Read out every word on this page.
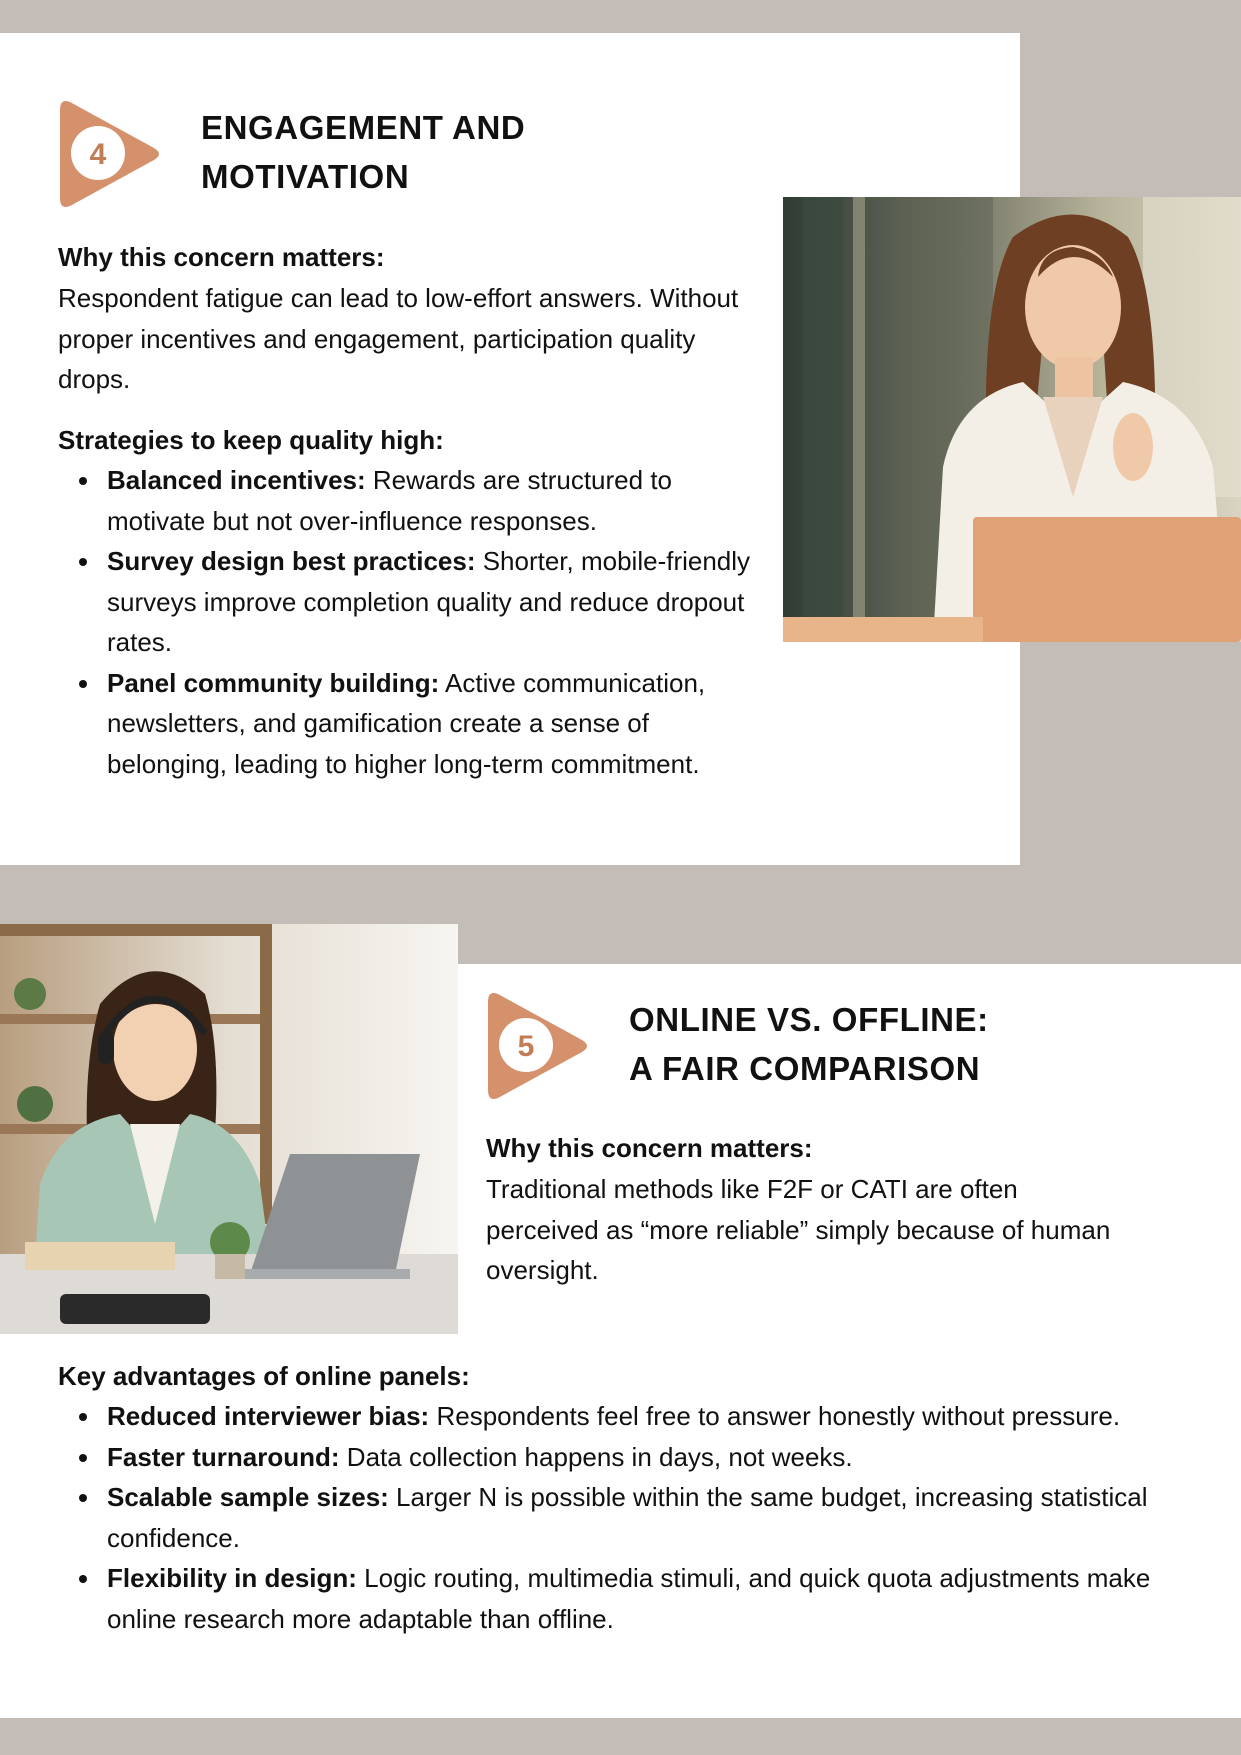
4
ENGAGEMENT AND
MOTIVATION

Why this concern matters:

Respondent fatigue can lead to low-effort answers. Without proper incentives and engagement, participation quality drops.

Strategies to keep quality high:

Balanced incentives: Rewards are structured to motivate but not over-influence responses.
Survey design best practices: Shorter, mobile-friendly surveys improve completion quality and reduce dropout rates.
Panel community building: Active communication, newsletters, and gamification create a sense of belonging, leading to higher long-term commitment.
5
ONLINE VS. OFFLINE:
A FAIR COMPARISON

Why this concern matters:

Traditional methods like F2F or CATI are often perceived as “more reliable” simply because of human oversight.

Key advantages of online panels:

Reduced interviewer bias: Respondents feel free to answer honestly without pressure.
Faster turnaround: Data collection happens in days, not weeks.
Scalable sample sizes: Larger N is possible within the same budget, increasing statistical confidence.
Flexibility in design: Logic routing, multimedia stimuli, and quick quota adjustments make online research more adaptable than offline.
